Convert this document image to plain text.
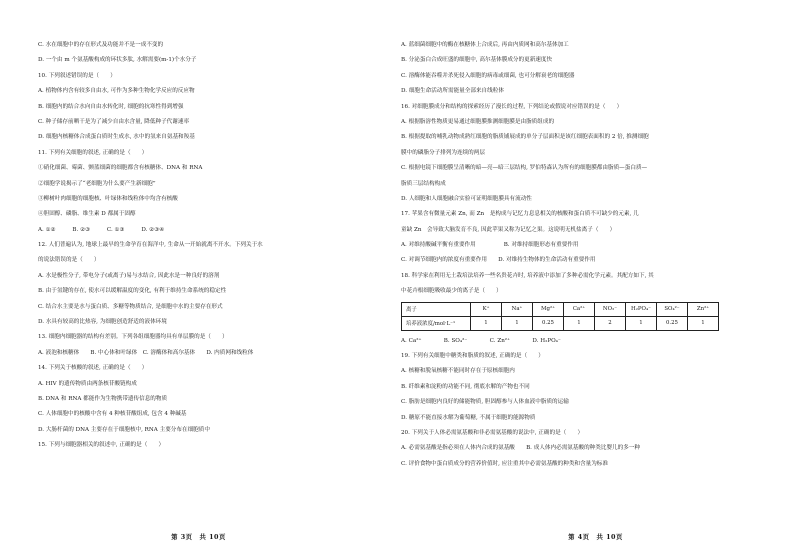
C. 水在细胞中的存在形式及功能并不是一成不变的
D. 一个由 m 个氨基酸构成的环状多肽, 水解需要(m-1)个水分子
10. 下列叙述错误的是（　　）
A. 植物体内含有较多自由水, 可作为多种生物化学反应的反应物
B. 细胞内的结合水向自由水转化时, 细胞的抗寒性得到增强
C. 种子储存前晒干是为了减少自由水含量, 降低种子代谢速率
D. 细胞内核糖体合成蛋白质时生成水, 水中的氢来自氨基和羧基
11. 下列有关细胞的叙述, 正确的是（　　）
①硝化细菌、霉菌、颤蓝细菌的细胞都含有核糖体、DNA 和 RNA
②细胞学说揭示了“老细胞为什么要产生新细胞”
③柳树叶肉细胞的细胞核、叶绿体和线粒体中均含有核酸
④胆固醇、磷脂、维生素 D 都属于固醇
A. ①②　　　B. ②③　　　C. ①③　　　D. ②③④
12. 人们普遍认为, 地球上最早的生命孕育在海洋中, 生命从一开始就离不开水。下列关于水
的说法错误的是（　　）
A. 水是极性分子, 带电分子(或离子)易与水结合, 因此水是一种良好的溶剂
B. 由于氢键的存在, 使水可以缓解温度的变化, 有利于维持生命系统的稳定性
C. 结合水主要是水与蛋白质、多糖等物质结合, 是细胞中水的主要存在形式
D. 水具有较高的比热容, 为细胞创造舒适的液体环境
13. 细胞内细胞器的结构有差别。下列各组细胞器均具有单层膜的是（　　）
A. 液泡和核糖体　　B. 中心体和叶绿体　C. 溶酶体和高尔基体　　D. 内质网和线粒体
14. 下列关于核酸的叙述, 正确的是（　　）
A. HIV 的遗传物质由两条核苷酸链构成
B. DNA 和 RNA 都能作为生物携带遗传信息的物质
C. 人体细胞中的核酸中含有 4 种核苷酸组成, 包含 4 种碱基
D. 大肠杆菌的 DNA 主要存在于细胞核中, RNA 主要分布在细胞质中
15. 下列与细胞器相关的叙述中, 正确的是（　　）
第 3页　共 10页
A. 蓝细菌细胞中的酶在核糖体上合成后, 再由内质网和高尔基体加工
B. 分泌蛋白合成旺盛的细胞中, 高尔基体膜成分的更新速度快
C. 溶酶体能吞噬并杀死侵入细胞的病毒或细菌, 也可分解衰老的细胞器
D. 细胞生命活动所需能量全部来自线粒体
16. 对细胞膜成分和结构的探索经历了漫长的过程, 下列结论或假说对应错误的是（　　）
A. 根据脂溶性物质更易通过细胞膜推测细胞膜是由脂质组成的
B. 根据提取的哺乳动物成熟红细胞的脂质铺展成的单分子层面积是该红细胞表面积的 2 倍, 推测细胞
膜中的磷脂分子排列为连续的两层
C. 根据电镜下细胞膜呈清晰的暗—亮—暗三层结构, 罗伯特森认为所有的细胞膜都由脂质—蛋白质—
脂质三层结构构成
D. 人细胞和人细胞融合实验可证明细胞膜具有流动性
17. 苹果含有微量元素 Zn, 而 Zn　是构成与记忆力息息相关的核酸和蛋白质不可缺少的元素, 儿
童缺 Zn　会导致大脑发育不良, 因此苹果又称为记忆之果。这说明无机盐离子（　　）
A. 对维持酸碱平衡有重要作用　　　　　B. 对维持细胞形态有重要作用
C. 对调节细胞内的浓度有重要作用　　D. 对维持生物体的生命活动有重要作用
18. 科学家在利用无土栽培法培养一些名贵花卉时, 培养液中添加了多种必需化学元素。其配方如下, 其
中花卉根细胞吸收最少的离子是（　　）
离子	K⁺	Na⁺	Mg²⁺	Ca²⁺	NO₃⁻	H₂PO₄⁻	SO₄²⁻	Zn²⁺
培养液浓度/mol·L⁻¹	1	1	0.25	1	2	1	0.25	1
A. Ca²⁺　　　　B. SO₄²⁻　　　　C. Zn²⁺　　　　D. H₂PO₄⁻
19. 下列有关细胞中糖类和脂质的叙述, 正确的是（　　）
A. 核糖和脱氧核糖不能同时存在于原核细胞内
B. 纤维素和淀粉的功能不同, 彻底水解的产物也不同
C. 脂肪是细胞内良好的储能物质, 胆固醇参与人体血液中脂质的运输
D. 糖原不能直接水解为葡萄糖, 不属于细胞的能源物质
20. 下列关于人体必需氨基酸和非必需氨基酸的说法中, 正确的是（　　）
A. 必需氨基酸是指必须在人体内合成的氨基酸　　B. 成人体内必需氨基酸的种类比婴儿的多一种
C. 评价食物中蛋白质成分的营养价值时, 应注重其中必需氨基酸的种类和含量为标准
第 4页　共 10页
